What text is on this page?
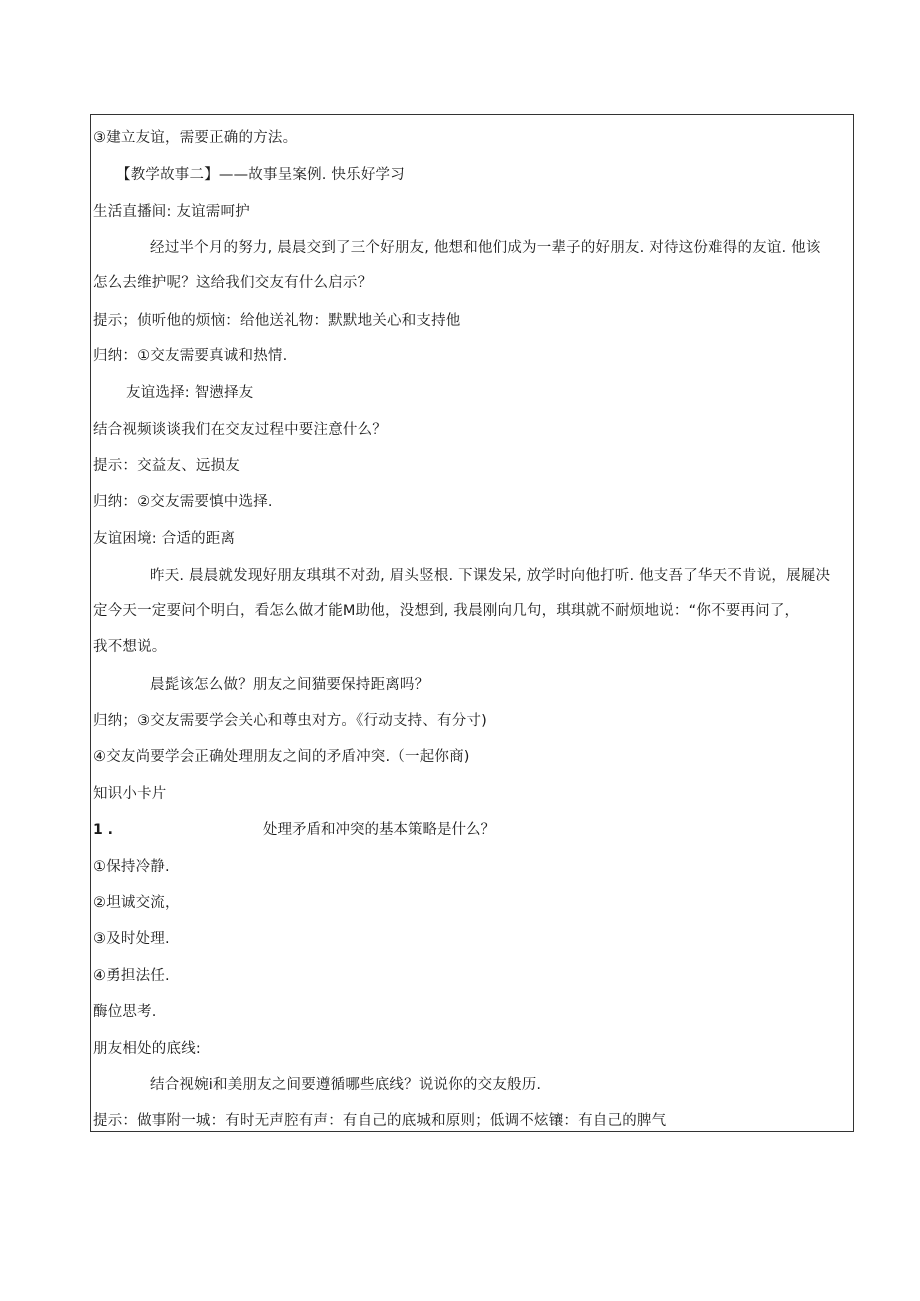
③建立友谊，需要正确的方法。
【教学故事二】——故事呈案例. 快乐好学习
生活直播间: 友谊需呵护
经过半个月的努力, 晨晨交到了三个好朋友, 他想和他们成为一辈子的好朋友. 对待这份难得的友谊. 他该
怎么去维护呢？这给我们交友有什么启示？
提示；侦听他的烦恼：给他送礼物：默默地关心和支持他
归纳：①交友需要真诚和热情.
友谊选择: 智懑择友
结合视频谈谈我们在交友过程中要注意什么？
提示：交益友、远损友
归纳：②交友需要慎中选择.
友谊困境: 合适的距离
昨天. 晨晨就发现好朋友琪琪不对劲, 眉头竖根. 下课发呆, 放学时向他打听. 他支吾了华天不肯说，展屣决
定今天一定要问个明白，看怎么做才能M助他，没想到, 我晨刚向几句，琪琪就不耐烦地说：“你不要再问了，
我不想说。
晨髭该怎么做？朋友之间猫要保持距离吗？
归纳；③交友需要学会关心和尊虫对方。《行动支持、有分寸)
④交友尚要学会正确处理朋友之间的矛盾冲突.（一起你商)
知识小卡片
1 .	处理矛盾和冲突的基本策略是什么？
①保持冷静.
②坦诚交流，
③及时处理.
④勇担法任.
酶位思考.
朋友相处的底线:
结合视婉i和美朋友之间要遵循哪些底线？说说你的交友般历.
提示：做事附一城：有时无声腔有声：有自己的底城和原则；低调不炫镶：有自己的脾气
